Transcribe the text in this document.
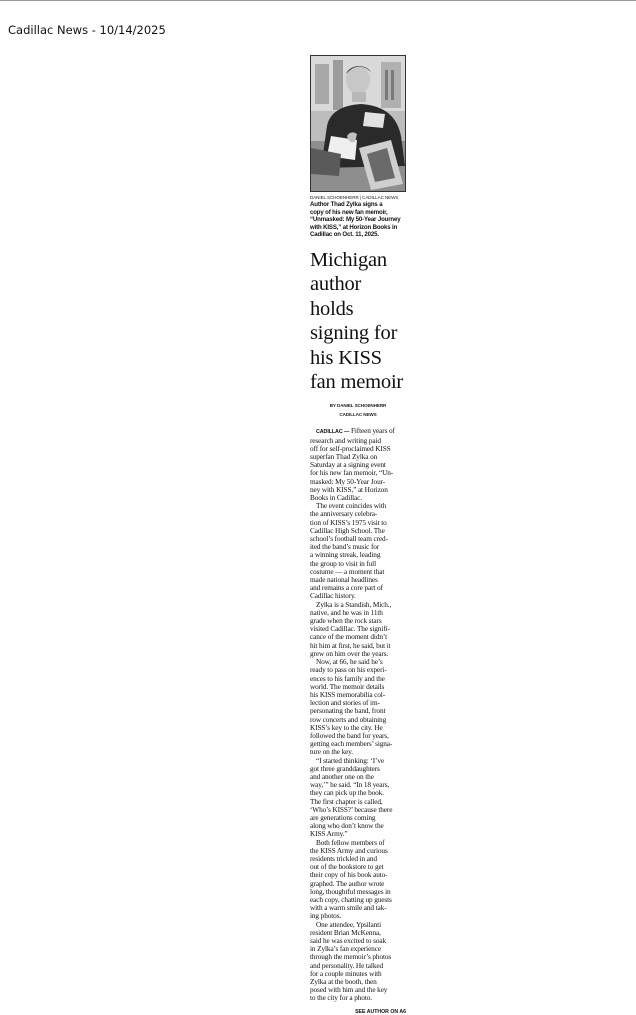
Cadillac News - 10/14/2025
DANIEL SCHOENHERR | CADILLAC NEWS
Author Thad Zylka signs a
copy of his new fan memoir,
“Unmasked: My 50-Year Journey
with KISS,” at Horizon Books in
Cadillac on Oct. 11, 2025.
Michigan
author
holds
signing for
his KISS
fan memoir
BY DANIEL SCHOENHERR
CADILLAC NEWS
CADILLAC — Fifteen years of
research and writing paid
off for self-proclaimed KISS
superfan Thad Zylka on
Saturday at a signing event
for his new fan memoir, “Un-
masked: My 50-Year Jour-
ney with KISS,” at Horizon
Books in Cadillac.
The event coincides with
the anniversary celebra-
tion of KISS’s 1975 visit to
Cadillac High School. The
school’s football team cred-
ited the band’s music for
a winning streak, leading
the group to visit in full
costume — a moment that
made national headlines
and remains a core part of
Cadillac history.
Zylka is a Standish, Mich.,
native, and he was in 11th
grade when the rock stars
visited Cadillac. The signifi-
cance of the moment didn’t
hit him at first, he said, but it
grew on him over the years.
Now, at 66, he said he’s
ready to pass on his experi-
ences to his family and the
world. The memoir details
his KISS memorabilia col-
lection and stories of im-
personating the band, front
row concerts and obtaining
KISS’s key to the city. He
followed the band for years,
getting each members’ signa-
ture on the key.
“I started thinking: ‘I’ve
got three granddaughters
and another one on the
way,’” he said. “In 18 years,
they can pick up the book.
The first chapter is called,
‘Who’s KISS?’ because there
are generations coming
along who don’t know the
KISS Army.”
Both fellow members of
the KISS Army and curious
residents trickled in and
out of the bookstore to get
their copy of his book auto-
graphed. The author wrote
long, thoughtful messages in
each copy, chatting up guests
with a warm smile and tak-
ing photos.
One attendee, Ypsilanti
resident Brian McKenna,
said he was excited to soak
in Zylka’s fan experience
through the memoir’s photos
and personality. He talked
for a couple minutes with
Zylka at the booth, then
posed with him and the key
to the city for a photo.
SEE AUTHOR ON A6
